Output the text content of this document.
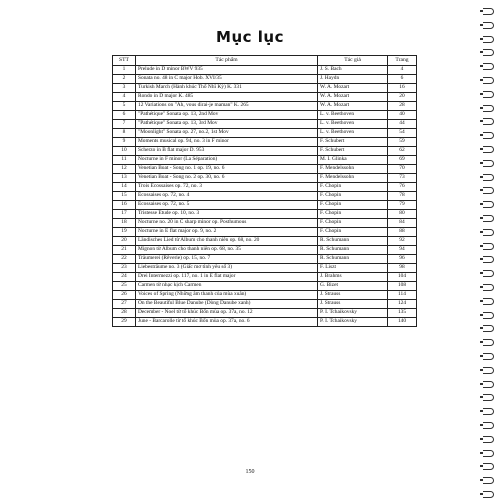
Mục lục
STT	Tác phẩm	Tác giả	Trang
1	Prelude in D minor BWV 935	J. S. Bach	4
2	Sonata no. 48 in C major Hob. XVI/35	J. Haydn	6
3	Turkish March (Hành khúc Thổ Nhĩ Kỳ) K. 331	W. A. Mozart	16
4	Rondo in D major K. 485	W. A. Mozart	20
5	12 Variations on "Ah, vous dirai-je maman" K. 265	W. A. Mozart	28
6	"Pathétique" Sonata op. 13, 2nd Mov	L. v. Beethoven	40
7	"Pathétique" Sonata op. 13, 3rd Mov	L. v. Beethoven	44
8	"Moonlight" Sonata op. 27, no.2, 1st Mov	L. v. Beethoven	54
9	Moments musical op. 94, no. 3 in F minor	F. Schubert	59
10	Scherzo in B flat major D. 953	F. Schubert	62
11	Nocturne in F minor (La Séparation)	M. I. Glinka	69
12	Venetian Boat - Song no. 1 op. 19, no. 6	F. Mendelssohn	70
13	Venetian Boat - Song no. 2 op. 30, no. 6	F. Mendelssohn	73
14	Trois Écossaises op. 72, no. 3	F. Chopin	76
15	Écossaises op. 72, no. 4	F. Chopin	78
16	Écossaises op. 72, no. 5	F. Chopin	79
17	Tristesse Etude op. 10, no. 3	F. Chopin	80
18	Nocturne no. 20 in C sharp minor op. Posthumous	F. Chopin	84
19	Nocturne in E flat major op. 9, no. 2	F. Chopin	88
20	Ländisches Lied từ Album cho thanh niên op. 68, no. 20	R. Schumann	92
21	Mignon từ Album cho thanh niên op. 68, no. 35	R. Schumann	94
22	Träumerei (Rêverie) op. 15, no. 7	R. Schumann	96
23	Liebesträume no. 3 (Giấc mơ tình yêu số 3)	F. Liszt	98
24	Drei Intermezzi op. 117, no. 1 in E flat major	J. Brahms	104
25	Carmen từ nhạc kịch Carmen	G. Bizet	108
26	Voices of Spring (Những âm thanh của mùa xuân)	J. Strauss	114
27	On the Beautiful Blue Danube (Dòng Danube xanh)	J. Strauss	124
28	December - Noel từ tổ khúc Bốn mùa op. 37a, no. 12	P. I. Tchaikovsky	135
29	June - Barcarolle từ tổ khúc Bốn mùa op. 37a, no. 6	P. I. Tchaikovsky	140
150
